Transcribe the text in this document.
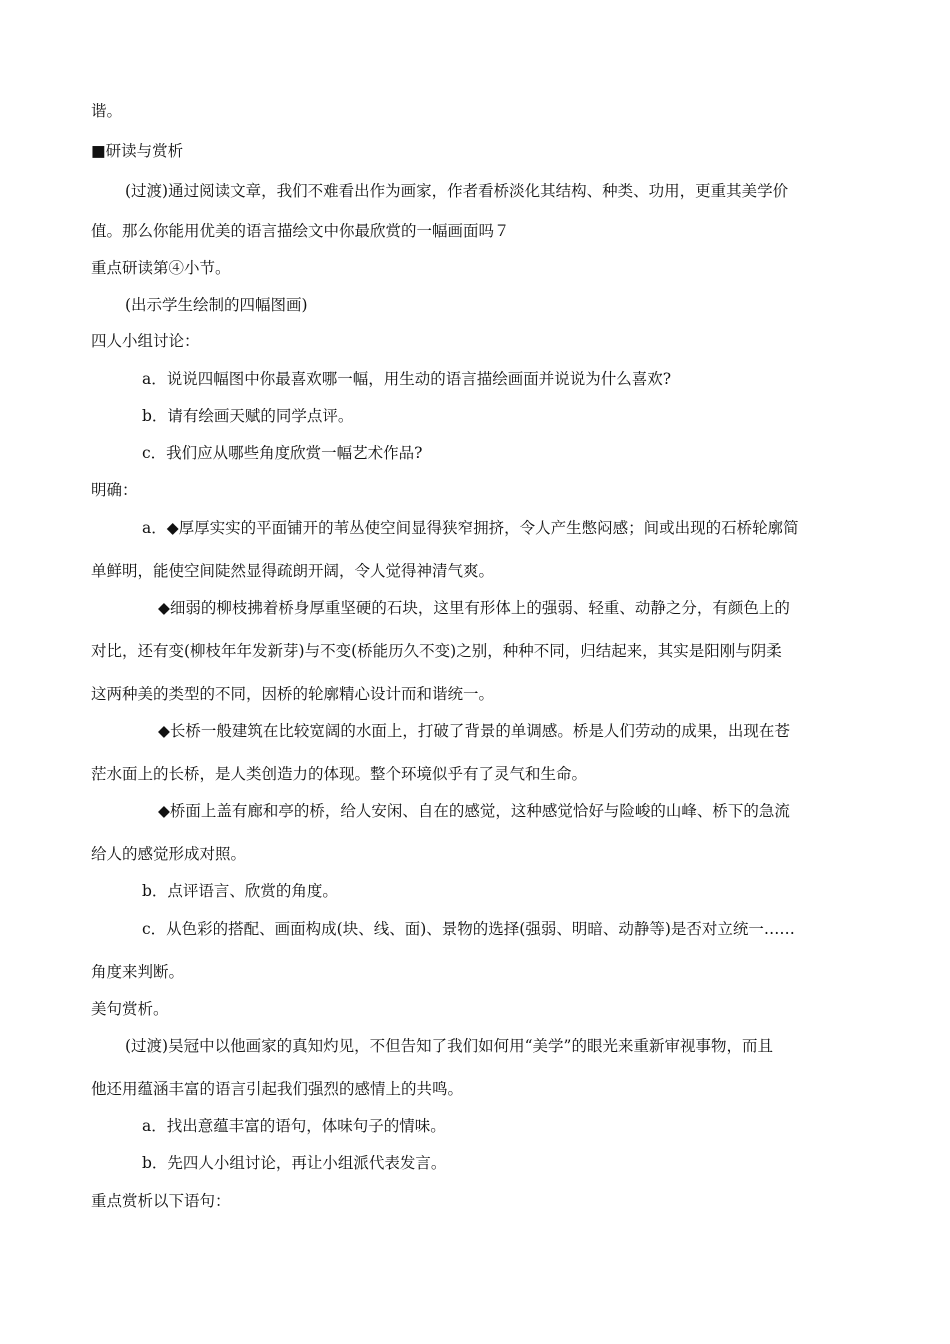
谐。
■研读与赏析
(过渡)通过阅读文章，我们不难看出作为画家，作者看桥淡化其结构、种类、功用，更重其美学价
值。那么你能用优美的语言描绘文中你最欣赏的一幅画面吗７
重点研读第④小节。
(出示学生绘制的四幅图画)
四人小组讨论：
a．说说四幅图中你最喜欢哪一幅，用生动的语言描绘画面并说说为什么喜欢?
b．请有绘画天赋的同学点评。
c．我们应从哪些角度欣赏一幅艺术作品?
明确：
a．◆厚厚实实的平面铺开的苇丛使空间显得狭窄拥挤，令人产生憋闷感；间或出现的石桥轮廓简
单鲜明，能使空间陡然显得疏朗开阔，令人觉得神清气爽。
◆细弱的柳枝拂着桥身厚重坚硬的石块，这里有形体上的强弱、轻重、动静之分，有颜色上的
对比，还有变(柳枝年年发新芽)与不变(桥能历久不变)之别，种种不同，归结起来，其实是阳刚与阴柔
这两种美的类型的不同，因桥的轮廓精心设计而和谐统一。
◆长桥一般建筑在比较宽阔的水面上，打破了背景的单调感。桥是人们劳动的成果，出现在苍
茫水面上的长桥，是人类创造力的体现。整个环境似乎有了灵气和生命。
◆桥面上盖有廊和亭的桥，给人安闲、自在的感觉，这种感觉恰好与险峻的山峰、桥下的急流
给人的感觉形成对照。
b．点评语言、欣赏的角度。
c．从色彩的搭配、画面构成(块、线、面)、景物的选择(强弱、明暗、动静等)是否对立统一……
角度来判断。
美句赏析。
(过渡)吴冠中以他画家的真知灼见，不但告知了我们如何用“美学”的眼光来重新审视事物，而且
他还用蕴涵丰富的语言引起我们强烈的感情上的共鸣。
a．找出意蕴丰富的语句，体味句子的情味。
b．先四人小组讨论，再让小组派代表发言。
重点赏析以下语句：
